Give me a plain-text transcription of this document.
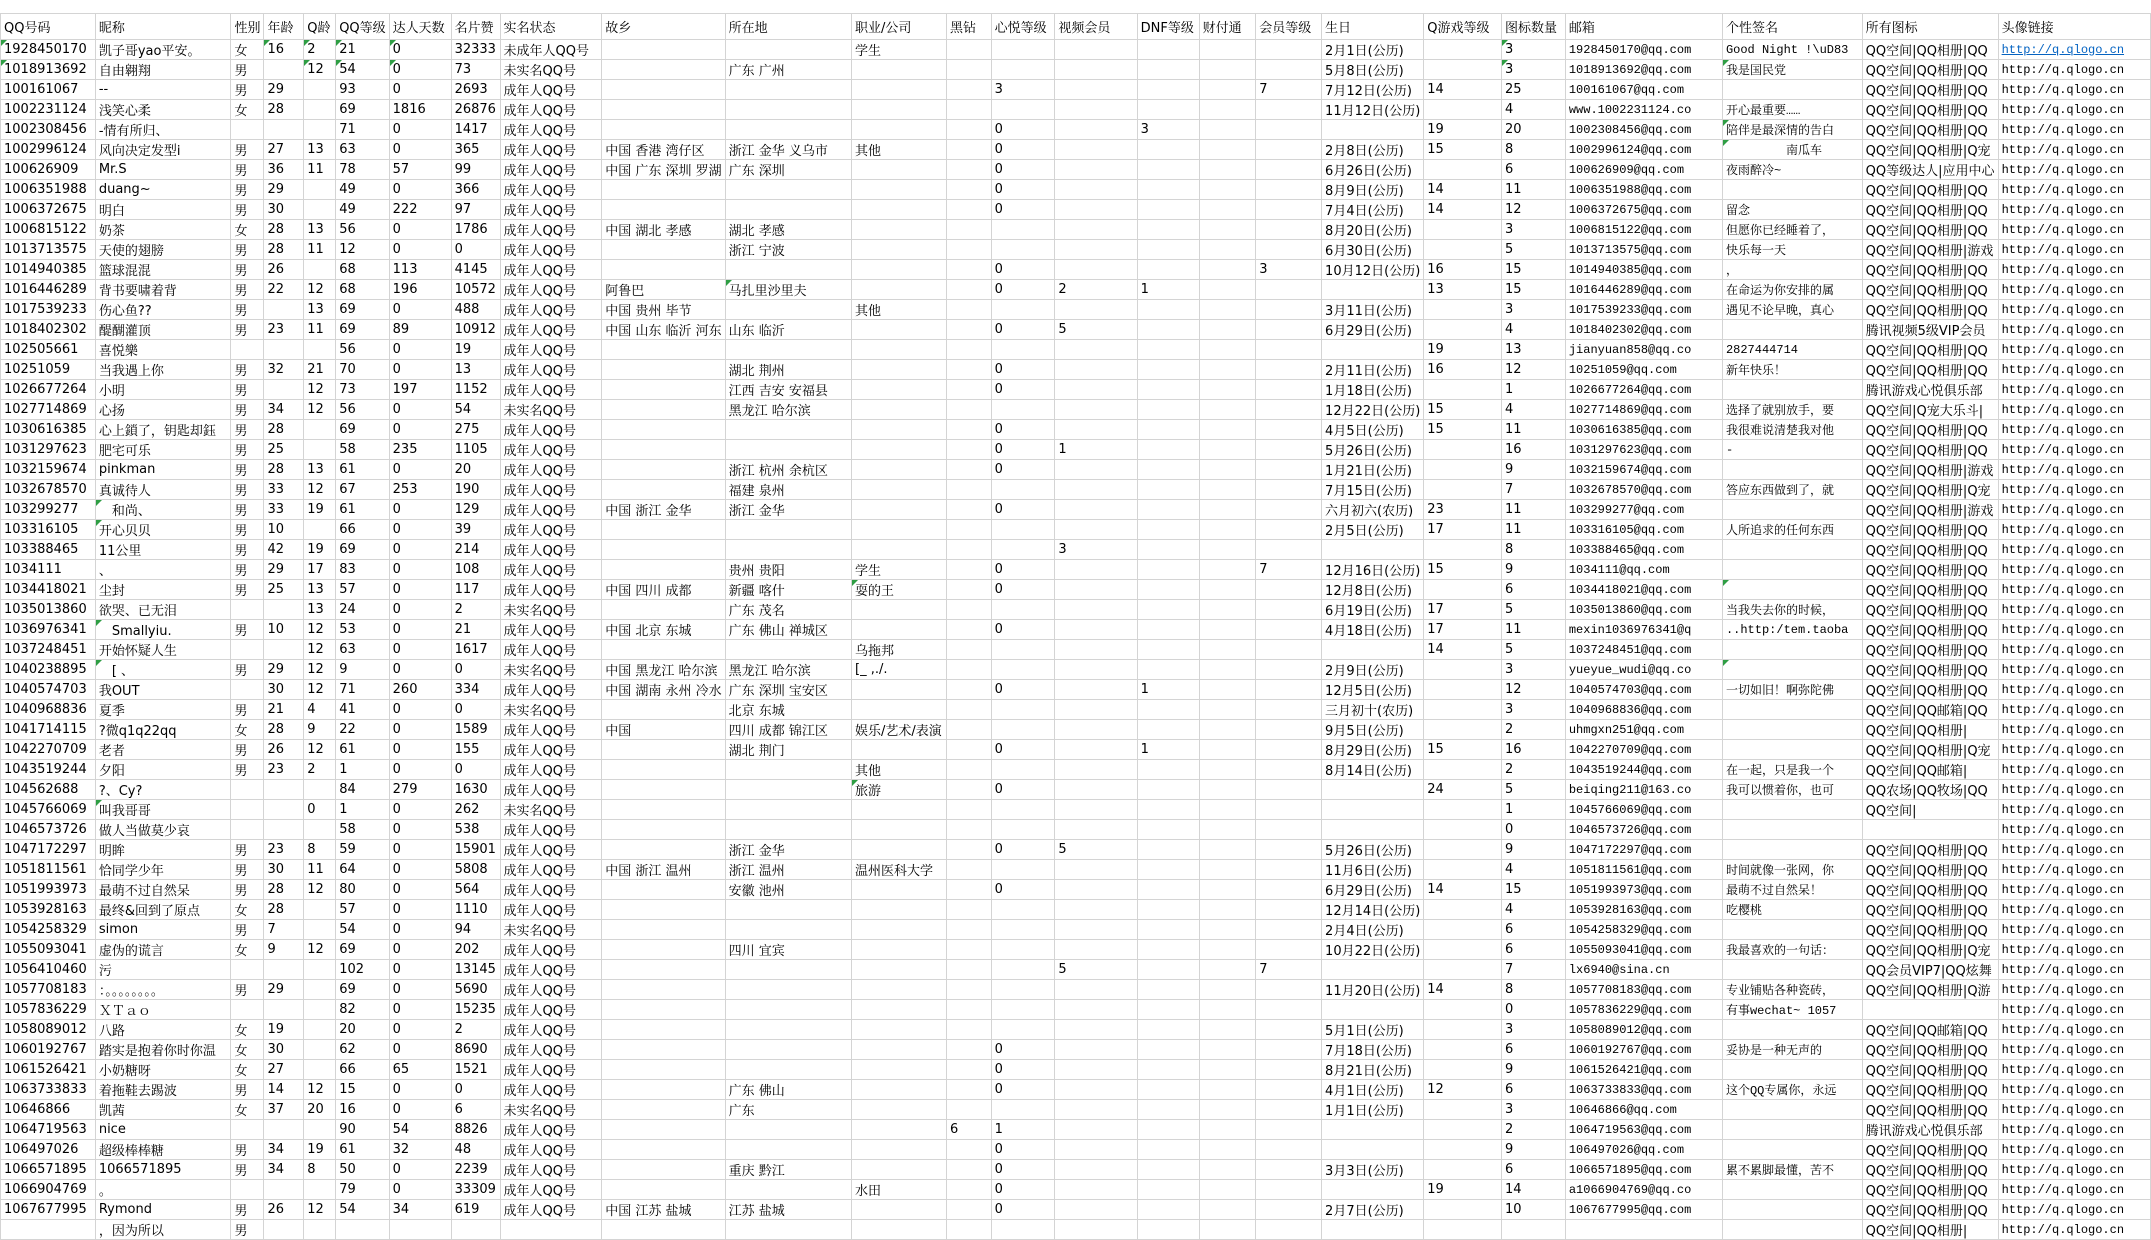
QQ号码	昵称	性别	年龄	Q龄	QQ等级	达人天数	名片赞	实名状态	故乡	所在地	职业/公司	黑钻	心悦等级	视频会员	DNF等级	财付通	会员等级	生日	Q游戏等级	图标数量	邮箱	个性签名	所有图标	头像链接
1928450170	凯子哥yao平安。	女	16	2	21	0	32333	未成年人QQ号			学生							2月1日(公历)		3	1928450170@qq.com	Good Night !\uD83	QQ空间|QQ相册|QQ	http://q.qlogo.cn
1018913692	自由翱翔	男		12	54	0	73	未实名QQ号		广东 广州								5月8日(公历)		3	1018913692@qq.com	我是国民党	QQ空间|QQ相册|QQ	http://q.qlogo.cn
100161067	--	男	29		93	0	2693	成年人QQ号					3				7	7月12日(公历)	14	25	100161067@qq.com		QQ空间|QQ相册|QQ	http://q.qlogo.cn
1002231124	浅笑心柔	女	28		69	1816	26876	成年人QQ号										11月12日(公历)		4	www.1002231124.co	开心最重要……	QQ空间|QQ相册|QQ	http://q.qlogo.cn
1002308456	-情有所归、				71	0	1417	成年人QQ号					0		3				19	20	1002308456@qq.com	陪伴是最深情的告白	QQ空间|QQ相册|QQ	http://q.qlogo.cn
1002996124	风向决定发型i	男	27	13	63	0	365	成年人QQ号	中国 香港 湾仔区	浙江 金华 义乌市	其他		0					2月8日(公历)	15	8	1002996124@qq.com	　　　　　南瓜车	QQ空间|QQ相册|Q宠	http://q.qlogo.cn
100626909	Mr.S	男	36	11	78	57	99	成年人QQ号	中国 广东 深圳 罗湖	广东 深圳			0					6月26日(公历)		6	100626909@qq.com	夜雨醉冷~	QQ等级达人|应用中心	http://q.qlogo.cn
1006351988	duang~	男	29		49	0	366	成年人QQ号					0					8月9日(公历)	14	11	1006351988@qq.com		QQ空间|QQ相册|QQ	http://q.qlogo.cn
1006372675	明白	男	30		49	222	97	成年人QQ号					0					7月4日(公历)	14	12	1006372675@qq.com	留念	QQ空间|QQ相册|QQ	http://q.qlogo.cn
1006815122	奶茶	女	28	13	56	0	1786	成年人QQ号	中国 湖北 孝感	湖北 孝感								8月20日(公历)		3	1006815122@qq.com	但愿你已经睡着了，	QQ空间|QQ相册|QQ	http://q.qlogo.cn
1013713575	天使的翅膀	男	28	11	12	0	0	成年人QQ号		浙江 宁波								6月30日(公历)		5	1013713575@qq.com	快乐每一天	QQ空间|QQ相册|游戏	http://q.qlogo.cn
1014940385	篮球混混	男	26		68	113	4145	成年人QQ号					0				3	10月12日(公历)	16	15	1014940385@qq.com	，	QQ空间|QQ相册|QQ	http://q.qlogo.cn
1016446289	背书要啸着背	男	22	12	68	196	10572	成年人QQ号	阿鲁巴	马扎里沙里夫			0	2	1				13	15	1016446289@qq.com	在命运为你安排的属	QQ空间|QQ相册|QQ	http://q.qlogo.cn
1017539233	伤心鱼??	男		13	69	0	488	成年人QQ号	中国 贵州 毕节		其他							3月11日(公历)		3	1017539233@qq.com	遇见不论早晚，真心	QQ空间|QQ相册|QQ	http://q.qlogo.cn
1018402302	醍醐灌顶	男	23	11	69	89	10912	成年人QQ号	中国 山东 临沂 河东	山东 临沂			0	5				6月29日(公历)		4	1018402302@qq.com		腾讯视频5级VIP会员	http://q.qlogo.cn
102505661	喜悦樂				56	0	19	成年人QQ号											19	13	jianyuan858@qq.co	2827444714	QQ空间|QQ相册|QQ	http://q.qlogo.cn
10251059	当我遇上你	男	32	21	70	0	13	成年人QQ号		湖北 荆州			0					2月11日(公历)	16	12	10251059@qq.com	新年快乐！	QQ空间|QQ相册|QQ	http://q.qlogo.cn
1026677264	小明	男		12	73	197	1152	成年人QQ号		江西 吉安 安福县			0					1月18日(公历)		1	1026677264@qq.com		腾讯游戏心悦俱乐部	http://q.qlogo.cn
1027714869	心扬	男	34	12	56	0	54	未实名QQ号		黑龙江 哈尔滨								12月22日(公历)	15	4	1027714869@qq.com	选择了就别放手，要	QQ空间|Q宠大乐斗|	http://q.qlogo.cn
1030616385	心上鎖了，钥匙却鈺	男	28		69	0	275	成年人QQ号					0					4月5日(公历)	15	11	1030616385@qq.com	我很难说清楚我对他	QQ空间|QQ相册|QQ	http://q.qlogo.cn
1031297623	肥宅可乐	男	25		58	235	1105	成年人QQ号					0	1				5月26日(公历)		16	1031297623@qq.com	-	QQ空间|QQ相册|QQ	http://q.qlogo.cn
1032159674	pinkman	男	28	13	61	0	20	成年人QQ号		浙江 杭州 余杭区			0					1月21日(公历)		9	1032159674@qq.com		QQ空间|QQ相册|游戏	http://q.qlogo.cn
1032678570	真诚待人	男	33	12	67	253	190	成年人QQ号		福建 泉州								7月15日(公历)		7	1032678570@qq.com	答应东西做到了，就	QQ空间|QQ相册|Q宠	http://q.qlogo.cn
103299277	　和尚、	男	33	19	61	0	129	成年人QQ号	中国 浙江 金华	浙江 金华			0					六月初六(农历)	23	11	103299277@qq.com		QQ空间|QQ相册|游戏	http://q.qlogo.cn
103316105	开心贝贝	男	10		66	0	39	成年人QQ号										2月5日(公历)	17	11	103316105@qq.com	人所追求的任何东西	QQ空间|QQ相册|QQ	http://q.qlogo.cn
103388465	11公里	男	42	19	69	0	214	成年人QQ号						3						8	103388465@qq.com		QQ空间|QQ相册|QQ	http://q.qlogo.cn
1034111	、	男	29	17	83	0	108	成年人QQ号		贵州 贵阳	学生		0				7	12月16日(公历)	15	9	1034111@qq.com		QQ空间|QQ相册|QQ	http://q.qlogo.cn
1034418021	尘封	男	25	13	57	0	117	成年人QQ号	中国 四川 成都	新疆 喀什	耍的王		0					12月8日(公历)		6	1034418021@qq.com		QQ空间|QQ相册|QQ	http://q.qlogo.cn
1035013860	欲哭、已无泪			13	24	0	2	未实名QQ号		广东 茂名								6月19日(公历)	17	5	1035013860@qq.com	当我失去你的时候，	QQ空间|QQ相册|QQ	http://q.qlogo.cn
1036976341	　Smallyiu.	男	10	12	53	0	21	成年人QQ号	中国 北京 东城	广东 佛山 禅城区			0					4月18日(公历)	17	11	mexin1036976341@q	..http:/tem.taoba	QQ空间|QQ相册|QQ	http://q.qlogo.cn
1037248451	开始怀疑人生			12	63	0	1617	成年人QQ号			乌拖邦								14	5	1037248451@qq.com		QQ空间|QQ相册|QQ	http://q.qlogo.cn
1040238895	　[ 、	男	29	12	9	0	0	未实名QQ号	中国 黑龙江 哈尔滨	黑龙江 哈尔滨	[_ ,./.							2月9日(公历)		3	yueyue_wudi@qq.co		QQ空间|QQ相册|QQ	http://q.qlogo.cn
1040574703	我OUT		30	12	71	260	334	成年人QQ号	中国 湖南 永州 冷水	广东 深圳 宝安区			0		1			12月5日(公历)		12	1040574703@qq.com	一切如旧！啊弥陀佛	QQ空间|QQ相册|QQ	http://q.qlogo.cn
1040968836	夏季	男	21	4	41	0	0	未实名QQ号		北京 东城								三月初十(农历)		3	1040968836@qq.com		QQ空间|QQ邮箱|QQ	http://q.qlogo.cn
1041714115	?微q1q22qq	女	28	9	22	0	1589	成年人QQ号	中国	四川 成都 锦江区	娱乐/艺术/表演							9月5日(公历)		2	uhmgxn251@qq.com		QQ空间|QQ相册|	http://q.qlogo.cn
1042270709	老者	男	26	12	61	0	155	成年人QQ号		湖北 荆门			0		1			8月29日(公历)	15	16	1042270709@qq.com		QQ空间|QQ相册|Q宠	http://q.qlogo.cn
1043519244	夕阳	男	23	2	1	0	0	成年人QQ号			其他							8月14日(公历)		2	1043519244@qq.com	在一起，只是我一个	QQ空间|QQ邮箱|	http://q.qlogo.cn
104562688	?、Cy?				84	279	1630	成年人QQ号			旅游		0						24	5	beiqing211@163.co	我可以惯着你，也可	QQ农场|QQ牧场|QQ	http://q.qlogo.cn
1045766069	叫我哥哥			0	1	0	262	未实名QQ号												1	1045766069@qq.com		QQ空间|	http://q.qlogo.cn
1046573726	做人当做莫少哀				58	0	538	成年人QQ号												0	1046573726@qq.com			http://q.qlogo.cn
1047172297	明眸	男	23	8	59	0	15901	成年人QQ号		浙江 金华			0	5				5月26日(公历)		9	1047172297@qq.com		QQ空间|QQ相册|QQ	http://q.qlogo.cn
1051811561	恰同学少年	男	30	11	64	0	5808	成年人QQ号	中国 浙江 温州	浙江 温州	温州医科大学							11月6日(公历)		4	1051811561@qq.com	时间就像一张网，你	QQ空间|QQ相册|QQ	http://q.qlogo.cn
1051993973	最萌不过自然呆	男	28	12	80	0	564	成年人QQ号		安徽 池州			0					6月29日(公历)	14	15	1051993973@qq.com	最萌不过自然呆！	QQ空间|QQ相册|QQ	http://q.qlogo.cn
1053928163	最终&回到了原点	女	28		57	0	1110	成年人QQ号										12月14日(公历)		4	1053928163@qq.com	吃樱桃	QQ空间|QQ相册|QQ	http://q.qlogo.cn
1054258329	simon	男	7		54	0	94	未实名QQ号										2月4日(公历)		6	1054258329@qq.com		QQ空间|QQ相册|QQ	http://q.qlogo.cn
1055093041	虚伪的谎言	女	9	12	69	0	202	成年人QQ号		四川 宜宾								10月22日(公历)		6	1055093041@qq.com	我最喜欢的一句话：	QQ空间|QQ相册|Q宠	http://q.qlogo.cn
1056410460	污				102	0	13145	成年人QQ号						5			7			7	lx6940@sina.cn		QQ会员VIP7|QQ炫舞	http://q.qlogo.cn
1057708183	：。。。。。。。。	男	29		69	0	5690	成年人QQ号										11月20日(公历)	14	8	1057708183@qq.com	专业铺贴各种瓷砖，	QQ空间|QQ相册|Q游	http://q.qlogo.cn
1057836229	ＸＴａｏ				82	0	15235	成年人QQ号												0	1057836229@qq.com	有事wechat~ 1057		http://q.qlogo.cn
1058089012	八路	女	19		20	0	2	成年人QQ号										5月1日(公历)		3	1058089012@qq.com		QQ空间|QQ邮箱|QQ	http://q.qlogo.cn
1060192767	踏实是抱着你时你温	女	30		62	0	8690	成年人QQ号					0					7月18日(公历)		6	1060192767@qq.com	妥协是一种无声的	QQ空间|QQ相册|QQ	http://q.qlogo.cn
1061526421	小奶糖呀	女	27		66	65	1521	成年人QQ号					0					8月21日(公历)		9	1061526421@qq.com		QQ空间|QQ相册|QQ	http://q.qlogo.cn
1063733833	着拖鞋去踢波	男	14	12	15	0	0	成年人QQ号		广东 佛山			0					4月1日(公历)	12	6	1063733833@qq.com	这个QQ专属你，永远	QQ空间|QQ相册|QQ	http://q.qlogo.cn
10646866	凯茜	女	37	20	16	0	6	未实名QQ号		广东								1月1日(公历)		3	10646866@qq.com		QQ空间|QQ相册|QQ	http://q.qlogo.cn
1064719563	nice				90	54	8826	成年人QQ号				6	1							2	1064719563@qq.com		腾讯游戏心悦俱乐部	http://q.qlogo.cn
106497026	超级棒棒糖	男	34	19	61	32	48	成年人QQ号					0							9	106497026@qq.com		QQ空间|QQ相册|QQ	http://q.qlogo.cn
1066571895	1066571895	男	34	8	50	0	2239	成年人QQ号		重庆 黔江			0					3月3日(公历)		6	1066571895@qq.com	累不累脚最懂，苦不	QQ空间|QQ相册|QQ	http://q.qlogo.cn
1066904769	。				79	0	33309	成年人QQ号			水田		0						19	14	a1066904769@qq.co		QQ空间|QQ相册|QQ	http://q.qlogo.cn
1067677995	Rymond	男	26	12	54	34	619	成年人QQ号	中国 江苏 盐城	江苏 盐城			0					2月7日(公历)		10	1067677995@qq.com		QQ空间|QQ相册|QQ	http://q.qlogo.cn
	，因为所以	男																					QQ空间|QQ相册|	http://q.qlogo.cn
